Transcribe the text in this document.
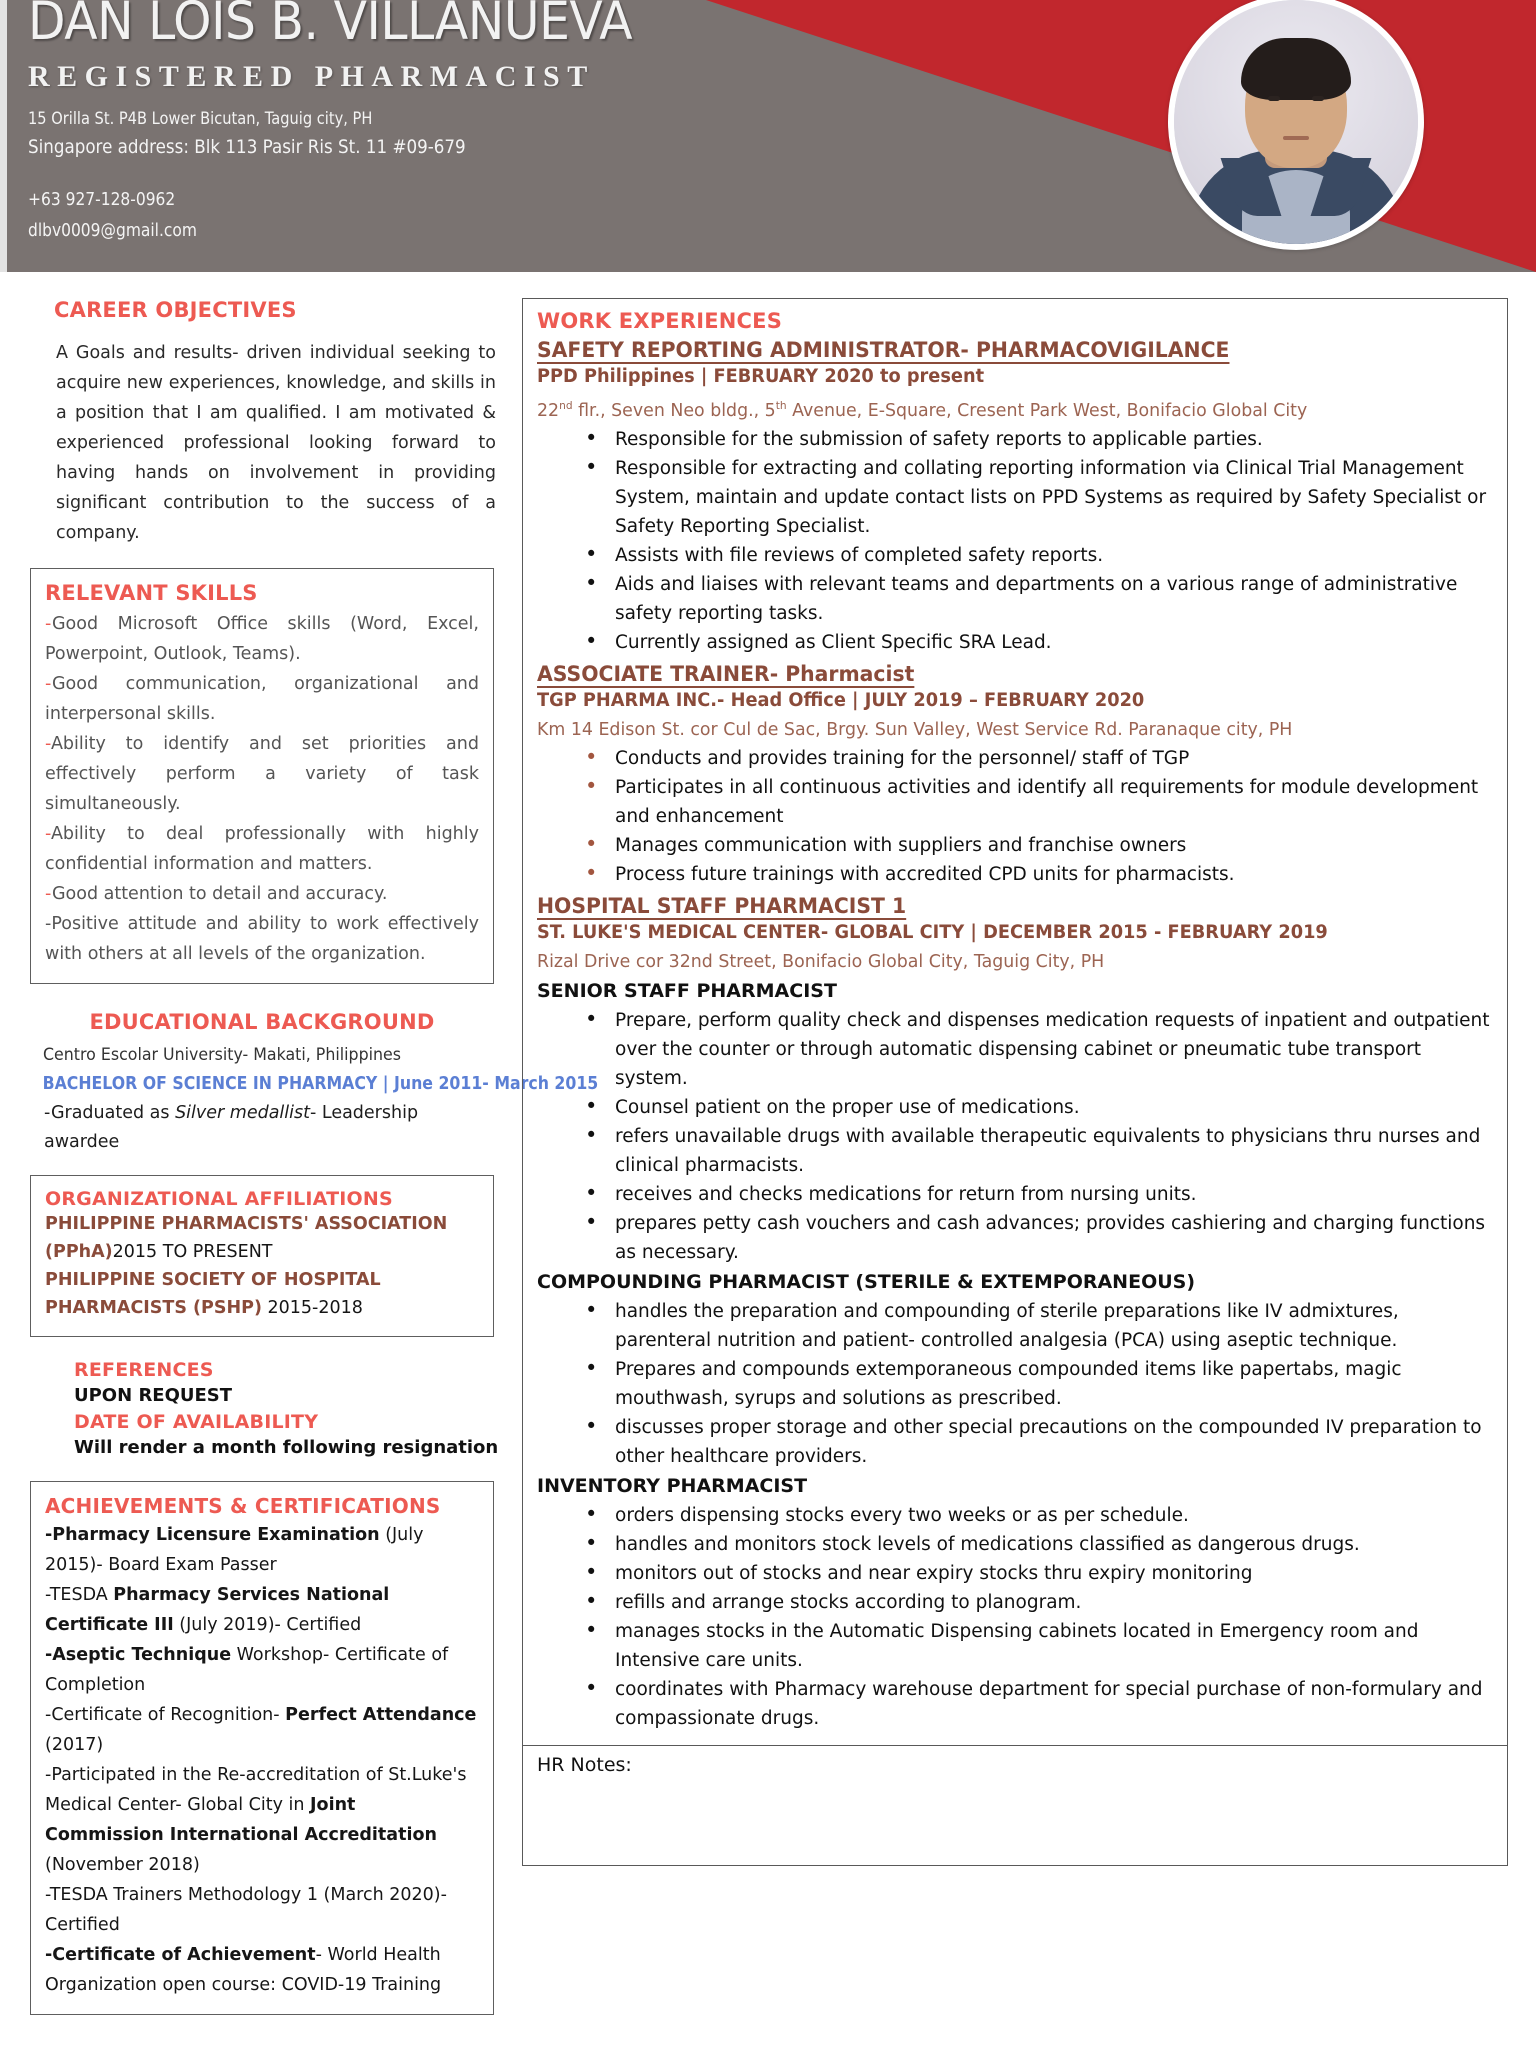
DAN LOIS B. VILLANUEVA
REGISTERED PHARMACIST
15 Orilla St. P4B Lower Bicutan, Taguig city, PH
Singapore address: Blk 113 Pasir Ris St. 11 #09-679
+63 927-128-0962
dlbv0009@gmail.com
CAREER OBJECTIVES

A Goals and results- driven individual seeking to acquire new experiences, knowledge, and skills in a position that I am qualified. I am motivated & experienced professional looking forward to having hands on involvement in providing significant contribution to the success of a company.

RELEVANT SKILLS
-Good Microsoft Office skills (Word, Excel, Powerpoint, Outlook, Teams).
-Good communication, organizational and interpersonal skills.
-Ability to identify and set priorities and effectively perform a variety of task simultaneously.
-Ability to deal professionally with highly confidential information and matters.
-Good attention to detail and accuracy.
-Positive attitude and ability to work effectively with others at all levels of the organization.
EDUCATIONAL BACKGROUND
Centro Escolar University- Makati, Philippines
BACHELOR OF SCIENCE IN PHARMACY | June 2011- March 2015
-Graduated as Silver medallist- Leadership awardee
ORGANIZATIONAL AFFILIATIONS
PHILIPPINE PHARMACISTS' ASSOCIATION (PPhA)2015 TO PRESENT
PHILIPPINE SOCIETY OF HOSPITAL PHARMACISTS (PSHP) 2015-2018
REFERENCES
UPON REQUEST
DATE OF AVAILABILITY
Will render a month following resignation
ACHIEVEMENTS & CERTIFICATIONS
-Pharmacy Licensure Examination (July 2015)- Board Exam Passer
-TESDA Pharmacy Services National Certificate III (July 2019)- Certified
-Aseptic Technique Workshop- Certificate of Completion
-Certificate of Recognition- Perfect Attendance (2017)
-Participated in the Re-accreditation of St.Luke's Medical Center- Global City in Joint Commission International Accreditation (November 2018)
-TESDA Trainers Methodology 1 (March 2020)- Certified
-Certificate of Achievement- World Health Organization open course: COVID-19 Training
WORK EXPERIENCES
SAFETY REPORTING ADMINISTRATOR- PHARMACOVIGILANCE
PPD Philippines | FEBRUARY 2020 to present
22nd flr., Seven Neo bldg., 5th Avenue, E-Square, Cresent Park West, Bonifacio Global City
• Responsible for the submission of safety reports to applicable parties.
• Responsible for extracting and collating reporting information via Clinical Trial Management System, maintain and update contact lists on PPD Systems as required by Safety Specialist or Safety Reporting Specialist.
• Assists with file reviews of completed safety reports.
• Aids and liaises with relevant teams and departments on a various range of administrative safety reporting tasks.
• Currently assigned as Client Specific SRA Lead.
ASSOCIATE TRAINER- Pharmacist
TGP PHARMA INC.- Head Office | JULY 2019 – FEBRUARY 2020
Km 14 Edison St. cor Cul de Sac, Brgy. Sun Valley, West Service Rd. Paranaque city, PH
• Conducts and provides training for the personnel/ staff of TGP
• Participates in all continuous activities and identify all requirements for module development and enhancement
• Manages communication with suppliers and franchise owners
• Process future trainings with accredited CPD units for pharmacists.
HOSPITAL STAFF PHARMACIST 1
ST. LUKE'S MEDICAL CENTER- GLOBAL CITY | DECEMBER 2015 - FEBRUARY 2019
Rizal Drive cor 32nd Street, Bonifacio Global City, Taguig City, PH
SENIOR STAFF PHARMACIST
• Prepare, perform quality check and dispenses medication requests of inpatient and outpatient over the counter or through automatic dispensing cabinet or pneumatic tube transport system.
• Counsel patient on the proper use of medications.
• refers unavailable drugs with available therapeutic equivalents to physicians thru nurses and clinical pharmacists.
• receives and checks medications for return from nursing units.
• prepares petty cash vouchers and cash advances; provides cashiering and charging functions as necessary.
COMPOUNDING PHARMACIST (STERILE & EXTEMPORANEOUS)
• handles the preparation and compounding of sterile preparations like IV admixtures, parenteral nutrition and patient- controlled analgesia (PCA) using aseptic technique.
• Prepares and compounds extemporaneous compounded items like papertabs, magic mouthwash, syrups and solutions as prescribed.
• discusses proper storage and other special precautions on the compounded IV preparation to other healthcare providers.
INVENTORY PHARMACIST
• orders dispensing stocks every two weeks or as per schedule.
• handles and monitors stock levels of medications classified as dangerous drugs.
• monitors out of stocks and near expiry stocks thru expiry monitoring
• refills and arrange stocks according to planogram.
• manages stocks in the Automatic Dispensing cabinets located in Emergency room and Intensive care units.
• coordinates with Pharmacy warehouse department for special purchase of non-formulary and compassionate drugs.
HR Notes:
